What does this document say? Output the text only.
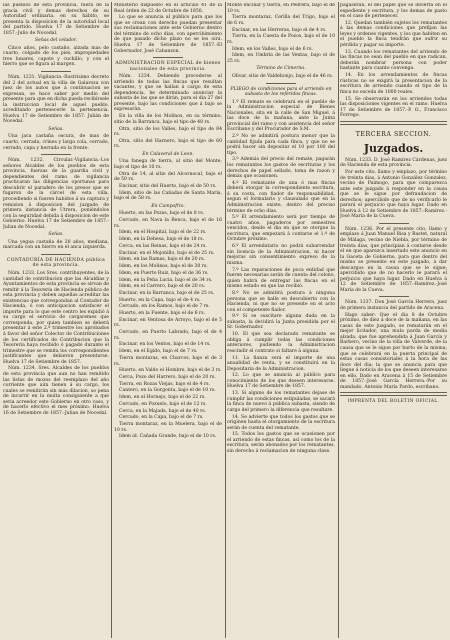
las pueblos de esta provincia, fuera de la gracia civil y demas derechos de su Autoridad ordinaria, en su hábito, se presenta la disposicion de la autoridad local del partido. Huelva 17 de Setiembre de 1857.-Julio de Nocedal.

Señas del celador.

Cinco años, pelo castaño, alzada mas de cuarto, colgado de los pies, impropiedades tres lunares, capote y cuchillo, y con el hierro que se figura al margen.

Núm. 1231. Vigilancia.-Ilustrisimo decreto del 2 del actual en la villa de Galaroza con juez de los autos que á continuacion se expresan, se hace saber por medio del presente para que en dicha pueda recibírsele la instruccion local de aquel pueblo, acreditando pertenecerle la pertenencia. Huelva 17 de Setiembre de 1857. Julián de Nocedal.

Señas.

Una jaca castaña oscura, de mas de cuarto, cerrada, crines y larga cola, cerrado, cerrado, capa y herrada en la frente.

Núm. 1232. Circular.-Vigilancia.-Los señores Alcaldes de los pueblos de esta provincia, fuerzas de la guardia civil y dependientes del ramo de vigilancia practicaran las diligencias oportunas para descubrir el paradero de los presos que se fugaron de la cárcel de esta villa, procediendo si fueren habidos á su captura y remision á disposicion del juzgado de primera instancia de Utrera, poniéndolos con la seguridad debida á disposicion de este Gobierno. Huelva 17 de Setiembre de 1857.-Julian de Nocedal.

Señas.

Una yegua castaña de 20 años, mediana, marcada con un hierro en el anca izquierda.

CONTADURÍA DE HACIENDA pública de esta provincia.

Núm. 1233. Los Sres. contribuyentes, de la cantidad de contribucion que las Alcaldías y Ayuntamientos de esta provincia se sirvan de remitir á la Tesorería de Hacienda pública de esta provincia y deben aquellas acreditar las existencias que correspondan al Contador de Hacienda, ó con anticipacion satisfacer el importe para lo que este centro les expidió á su cargo el servicio de cargaremes que corresponda, por quien tambien se deberá presentar á este 2.º trimestre los aprobados á favor del señor Colector de Contribuciones de los certificados de Contribucion que la Tesorería haya recibido ó pagado durante el trimestre que se remita los correspondientes justificantes que debieron presentarse. Huelva 17 de Setiembre de 1857.

Núm. 1234. Sres. Alcaldes de los pueblos de esta provincia que aun no han remitido las listas de mozos del reemplazo del año corriente que aún tienen á su cargo, los cuales se remitirán sin más dilacion, so pena de incurrir en la multa consiguiente a que seria acreedor este Gobierno en otro caso, y de hacerlo efectivo el mes próximo. Huelva 16 de Setiembre de 1857.-Julian de Nocedal.

Ministerio dispuesto en el articulo 41 de la Real órden de 22 de Octubre de 1850.

Lo que se anuncia al público para que los que se crean con derecho puedan presentar sus reclamaciones ante este Gobierno dentro del término de ocho dias, con apercibimiento de que pasado dicho plazo no se les oirá. Huelva 17 de Setiembre de 1857.-El Gobernador, José Cabanzon.

ADMINISTRACION ESPECIAL de bienes nacionales de esta provincia.

Núm. 1234. Debiendo procederse al arriendo de todas las fincas que resultan vacantes, y que se hallan á cargo de esta dependencia, he determinado anunciar la subasta de las que se dirán, para el dia 27 del presente, bajo las condiciones que á bajo se expresarán.

En la villa de los Molinos, en su término, sitio de la Barranca, bajo el tipo de 48 rs.

Otra, sitio de los Valles, bajo el tipo de 84 rs.

Otra, sitio del Harnero, bajo el tipo de 60 rs.

En Calaveral de Leon.

Una fanega de tierra, al sitio del Monte, bajo el tipo de 10 rs.

Otra de 14, al sitio del Alcornocal, bajo el de 50 rs.

Encinar, sitio del Huerto, bajo el de 50 rs.

Idem, sitio de las Cañadas de Santa María, bajo el de 58 rs.

En Campofrio.

Huerto, en las Pozas, bajo el de 8 rs.

Cercado, en Nava la Renca, bajo el de 16 rs.

Idem, en el Hospital, bajo el de 22 rs.

Idem, en la Dehesa, bajo el de 18 rs.

Cerca, en las Reinas, bajo el de 24 rs.

Encinar, en el Mojonillo, bajo el de 25 rs.

Idem, en las Ramas, bajo el de 20 rs.

Idem, en los Molinos, bajo el de 30 rs.

Idem, en Puerto Ruiz, bajo el de 36 rs.

Idem, en la Peña Lucia, bajo el de 34 rs.

Idem, en el Carrero, bajo el de 20 rs.

Encinar, en la Barranca, bajo el de 25 rs.

Huerto, en la Capa, bajo el de 4 rs.

Cercado, en los Ramos, bajo el de 7 rs.

Huerto, en la Fuente, bajo el de 6 rs.

Encinar, en Ventosa de Arroyo, bajo el de 5 rs.

Cercado, en Puerto Labrado, bajo el de 4 rs.

Encinar, en los Ventos, bajo el de 14 rs.

Idem, en el Egido, bajo el de 7 rs.

Tierra montaraz, en Charcos, bajo el de 3 rs.

Huerto, en Valdo el Hombre, bajo el de 3 rs.

Cerca, Pozo del Harrero, bajo el de 20 rs.

Tierra, en Rozas Viejas, bajo el de 4 rs.

Cantero, en la Gorgonta, bajo el de 10 rs.

Idem, en el Hornejo, bajo el de 22 rs.

Cercado, en Pozuelo, bajo el de 12 rs.

Cerca, en la Majada, bajo el de 40 rs.

Cercado, en la Capa, bajo el de 7 rs.

Tierra montaraz, en la Muelera, bajo el de 10 rs.

Idem id. Cañada Grande, bajo el de 10 rs.

Monte encinar y tierra, en Pedrera, bajo el de 10 rs.

Tierra montaraz, Cerilla del Trigo, bajo el de 6 rs.

Encinar, en las Herreras, bajo el de 4 rs.

Tierra, en la Cuesta de Pozos, bajo el de 10 rs.

Idem, en los Valles, bajo el de 6 rs.

Idem, en Umbría de las Ventas, bajo el de 25 rs.

Término de Cimerna.

Olivar, sitio de Valdehonjo, bajo el de 46 rs.

PLIEGO de condiciones para el arriendo en subasta de los referidos fincas.

1.º El remate se celebrará en el pueblo de la Administracion especial de Bienes Nacionales, sita en la calle de San Miguel, á las doce de la mañana, ante la Junta provincial del ramo y con asistencia del señor Escribano y del Procurador de S.M.

2.º No se admitirá postura menor que la cantidad fijada para cada finca, y que no se podrá hacer sin depositar el 10 por 100 del tipo.

3.º Además del precio del remate, pagarán los rematantes los gastos de escrituras y los derechos de papel sellado, toma de razon y demás que ocasionen.

4.º El rematante de una ó mas fincas deberá otorgar la correspondiente escritura, á su costa, con fiador de responsabilidad, segun el formulario y clausulado que en la Administracion existe, dentro del preciso término de ocho dias.

5.º El arrendamiento será por tiempo de cuatro años, pagaderos por semestres vencidos, desde el dia en que se otorgue la escritura, que empezará á contarse el 1.º de Octubre próximo.

6.º El arrendatario no podrá subarrendar sin licencia de la Administracion, ni hacer mejoras sin consentimiento expreso de la misma.

7.º Las reparaciones de poca entidad que fueren necesarias serán de cuenta del colono, quien habrá de entregar las fincas en el mismo estado en que las recibió.

8.º No se admitirá postura á ninguna persona que se halle en descubierto con la Hacienda, ni que no se presente en el acto con el competente fiador.

9.º Si se suscitare alguna duda en la subasta, la decidirá la Junta presidida por el Sr. Gobernador.

10. El que sea declarado rematante se obliga á cumplir todas las condiciones anteriores, pudiendo la Administracion rescindir el contrato si faltare á alguna.

11. La fianza será el importe de una anualidad de renta, y se constituirá en la Depositaria de la Administracion.

12. Lo que se anuncia al público para conocimiento de los que deseen interesarse. Huelva 17 de Setiembre de 1857.

13. Si alguno de los rematantes dejase de cumplir las condiciones estipuladas, se sacará la finca de nuevo á pública subasta, siendo de cargo del primero la diferencia que resultare.

14. Se advierte que todos los gastos que se originen hasta el otorgamiento de la escritura serán de cuenta del rematante.

15. Todos los gastos que se ocasionen por el arriendo de estas fincas, así como los de la escritura, serán abonados por los rematantes, sin derecho á reclamacion de ninguna clase.

pagaserán, el del papel que se invierta en el expediente y escritura, y los demas de pasto en el caso de pertenecer.

12. Quedan también sujetos los rematantes á las demas condiciones que prefijan las leyes y ordenes vigentes, y los que habiten en el pueblo la finca tendrán que sufrir su pérdida y pagar su importe.

13. Cuando los rematantes del arriendo de las fincas no sean del pueblo en que radican, deberán nombrar persona con poder bastante para cuanto convenga.

14. En los arrendamientos de fincas rústicas no se exigirá la presentacion de la escritura de arriendo cuando el tipo de la finca no exceda de 1000 reales.

15. Se observarán en los arriendos todas las disposiciones vigentes en el ramo. Huelva 17 de Setiembre de 1857.-P. O., Francisco Forrego.

TERCERA SECCION.
Juzgados.

Núm. 1233. D. José Ramírez Cárdenas, juez de Hacienda de esta provincia.

Por este cito, llamo y emplazo, por término de treinta dias, á Antonio González Gonzalez, vecino de Paimogo, para que comparezca ante este juzgado á responder en la causa que se le sigue por defraudacion de derechos; apercibido que de no verificarlo le parará el perjuicio que haya lugar. Dado en Huelva á 12 de Setiembre de 1857.-Ramírez.-José María de la Cueva.

Núm. 1236. Por el presente cito, llamo y emplazo á Juan Manuel Bisa y Bastet, natural de Málaga, vecino de Niebla, por término de treinta dias, que principian á contarse desde el en que aparezca insertado este anuncio en la Gaceta de Gobierno, para que dentro del mismo se presente en este juzgado, á dar descargos en la causa que se le sigue; apercibido que de no hacerlo le parará el perjuicio que haya lugar. Dado en Huelva á 12 de Setiembre de 1857.-Ramírez.-José María de la Cueva.

Núm. 1237. Don José García Herrera, juez de primera instancia del partido de Aracena.

Hago saber: Que el dia 8 de Octubre próximo, de diez á doce de la mañana, en las casas de este juzgado, se rematarán en el mejor licitador, una mula parda de media alzada, que fue aprehendida á Juan García y Barbero, vecino de la villa de Valverde, de la causa que se le sigue por hurto de la misma; que se celebrará en la puerta principal de estas casas consistoriales á la hora de las doce del dia; la que se anuncia para que llegue á noticia de los que deseen interesarse en ello. Dado en Aracena á 15 de Setiembre de 1857.-José García Herrera.-Por su mandado, Antonio María Pardo, escribano.

IMPRENTA DEL BOLETIN OFICIAL.
